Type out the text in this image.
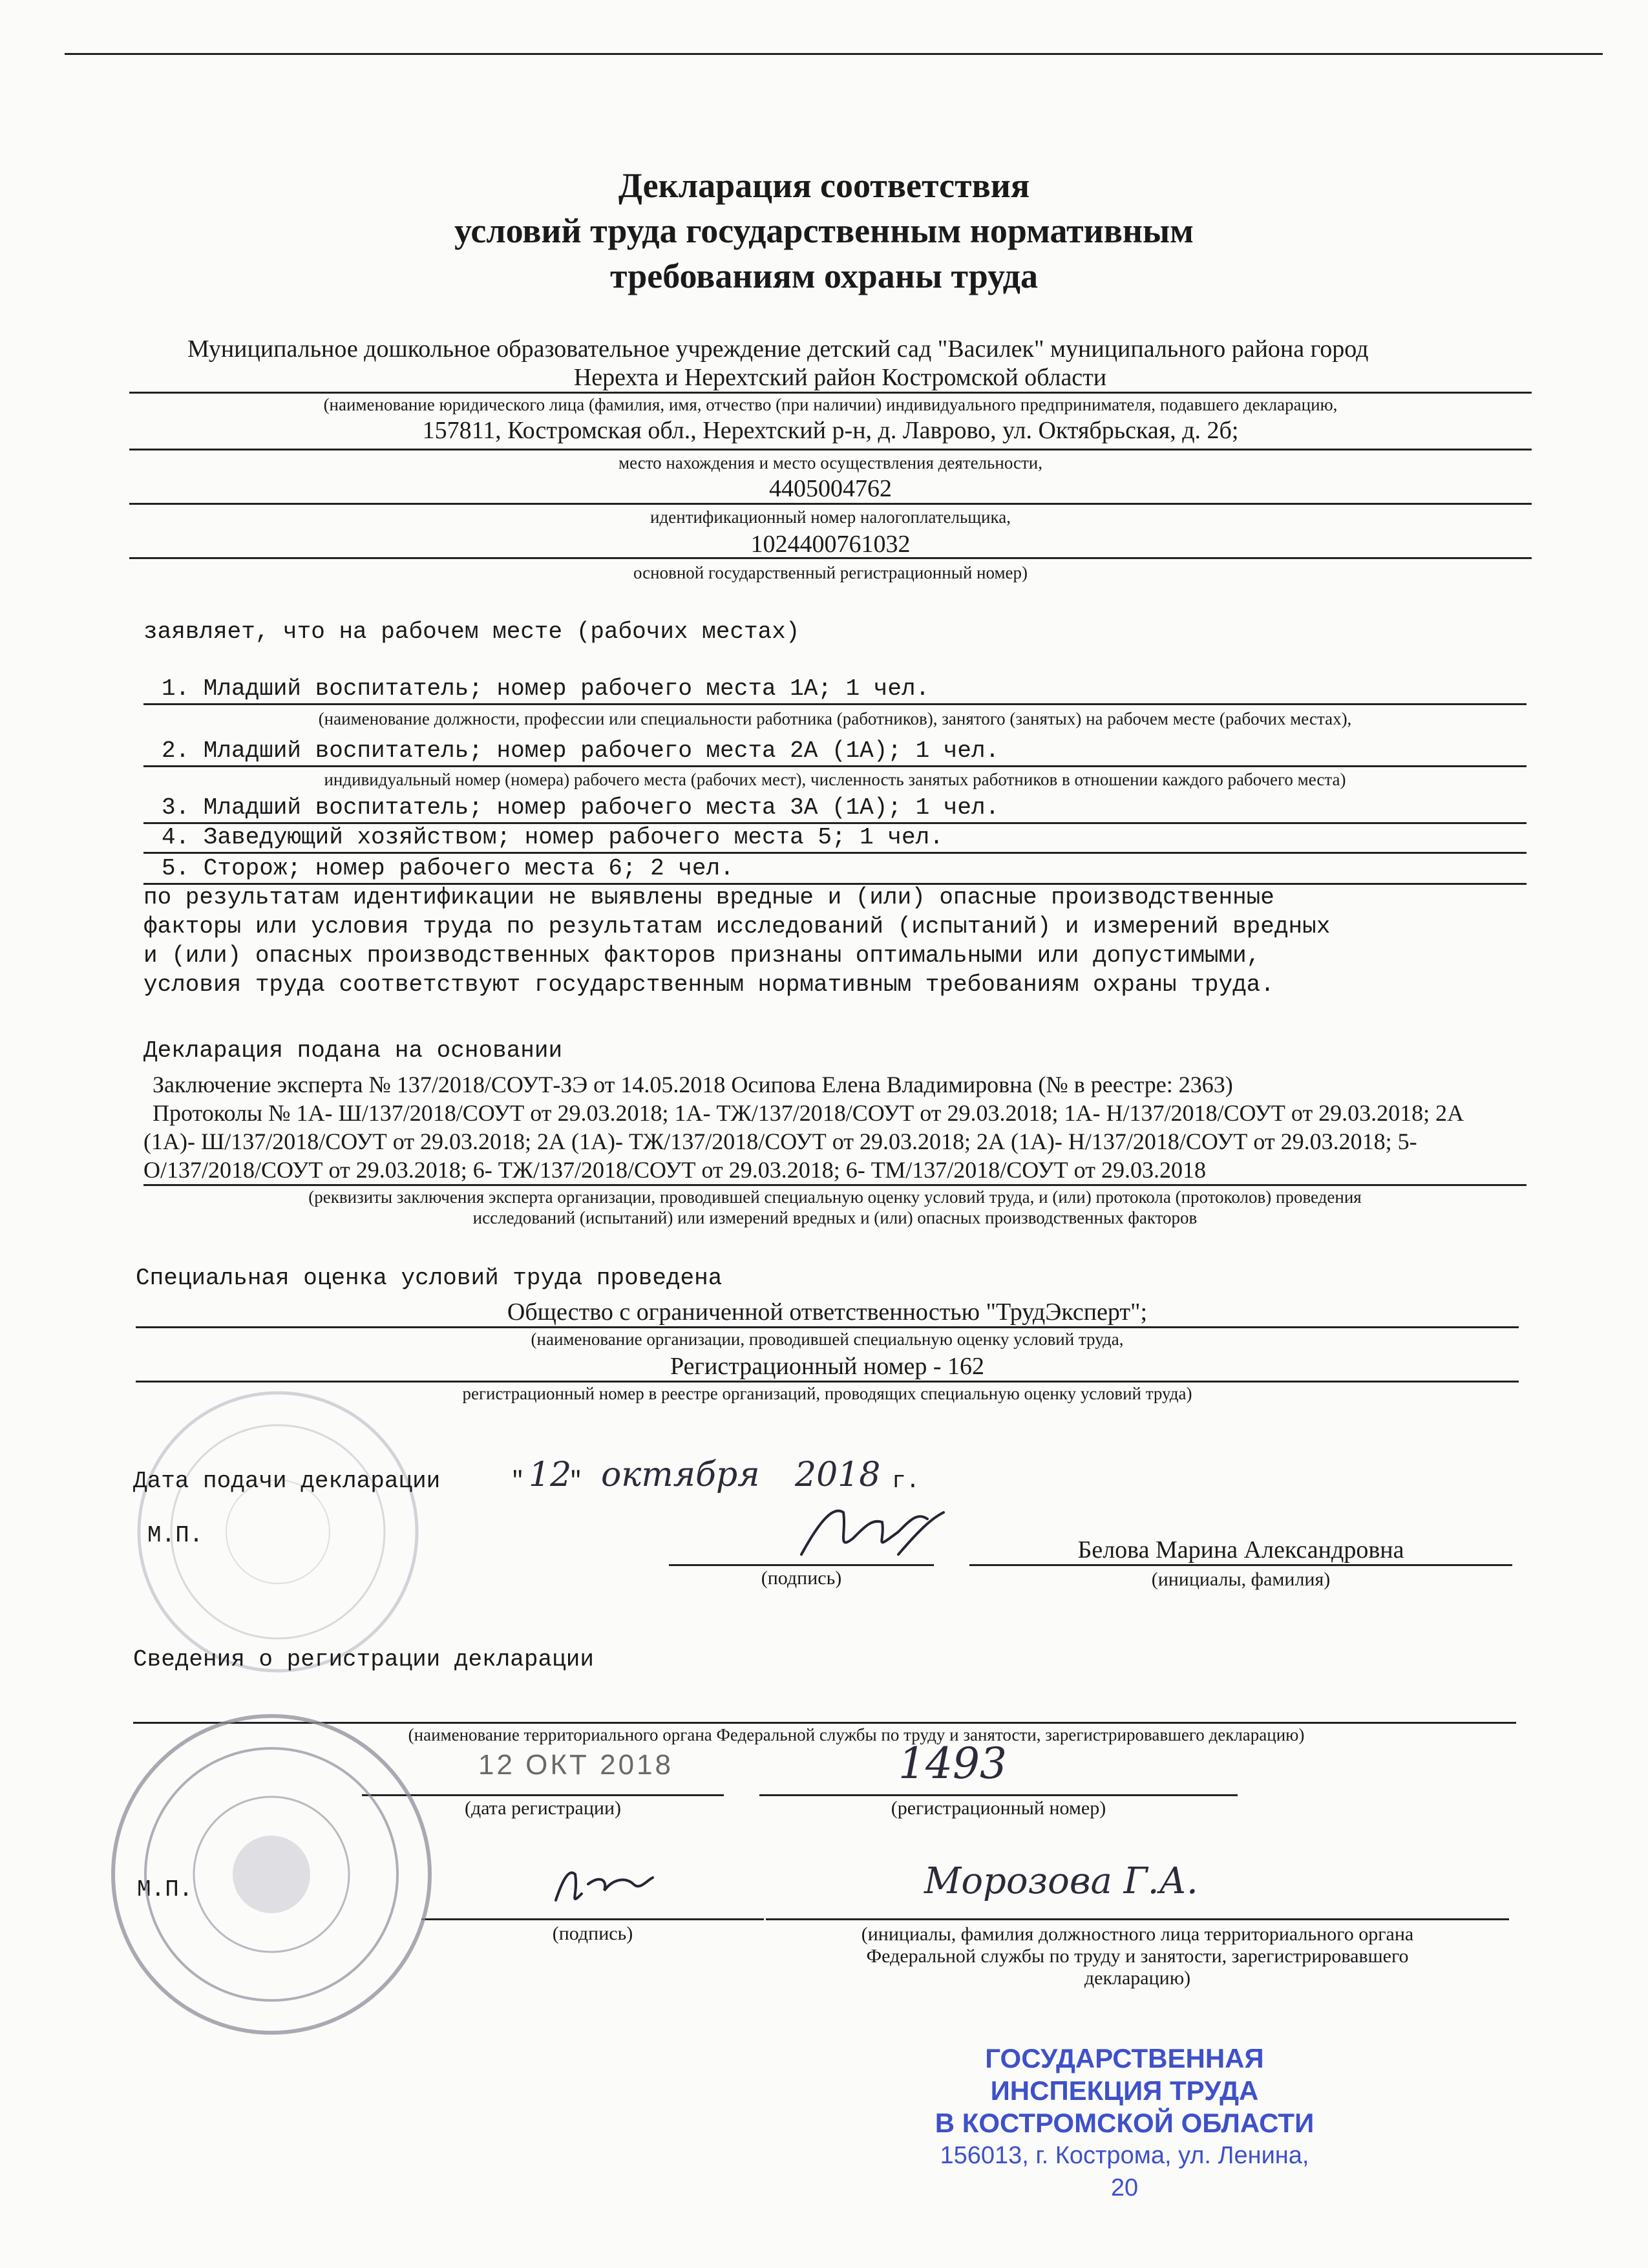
Декларация соответствия
условий труда государственным нормативным
требованиям охраны труда
Муниципальное дошкольное образовательное учреждение детский сад "Василек" муниципального района город
Нерехта и Нерехтский район Костромской области
(наименование юридического лица (фамилия, имя, отчество (при наличии) индивидуального предпринимателя, подавшего декларацию,
157811, Костромская обл., Нерехтский р-н, д. Лаврово, ул. Октябрьская, д. 2б;
место нахождения и место осуществления деятельности,
4405004762
идентификационный номер налогоплательщика,
1024400761032
основной государственный регистрационный номер)
заявляет, что на рабочем месте (рабочих местах)
1. Младший воспитатель; номер рабочего места 1А; 1 чел.
(наименование должности, профессии или специальности работника (работников), занятого (занятых) на рабочем месте (рабочих местах),
2. Младший воспитатель; номер рабочего места 2А (1А); 1 чел.
индивидуальный номер (номера) рабочего места (рабочих мест), численность занятых работников в отношении каждого рабочего места)
3. Младший воспитатель; номер рабочего места 3А (1А); 1 чел.
4. Заведующий хозяйством; номер рабочего места 5; 1 чел.
5. Сторож; номер рабочего места 6; 2 чел.
по результатам идентификации не выявлены вредные и (или) опасные производственные
факторы или условия труда по результатам исследований (испытаний) и измерений вредных
и (или) опасных производственных факторов признаны оптимальными или допустимыми,
условия труда соответствуют государственным нормативным требованиям охраны труда.
Декларация подана на основании
Заключение эксперта № 137/2018/СОУТ-ЗЭ от 14.05.2018 Осипова Елена Владимировна (№ в реестре: 2363)
Протоколы № 1А- Ш/137/2018/СОУТ от 29.03.2018; 1А- ТЖ/137/2018/СОУТ от 29.03.2018; 1А- Н/137/2018/СОУТ от 29.03.2018; 2А
(1А)- Ш/137/2018/СОУТ от 29.03.2018; 2А (1А)- ТЖ/137/2018/СОУТ от 29.03.2018; 2А (1А)- Н/137/2018/СОУТ от 29.03.2018; 5-
О/137/2018/СОУТ от 29.03.2018; 6- ТЖ/137/2018/СОУТ от 29.03.2018; 6- ТМ/137/2018/СОУТ от 29.03.2018
(реквизиты заключения эксперта организации, проводившей специальную оценку условий труда, и (или) протокола (протоколов) проведения
исследований (испытаний) или измерений вредных и (или) опасных производственных факторов
Специальная оценка условий труда проведена
Общество с ограниченной ответственностью "ТрудЭксперт";
(наименование организации, проводившей специальную оценку условий труда,
Регистрационный номер - 162
регистрационный номер в реестре организаций, проводящих специальную оценку условий труда)
Дата подачи декларации	" 12
" октября 2018 г.
М.П.
(подпись)
Белова Марина Александровна
(инициалы, фамилия)
Сведения о регистрации декларации
(наименование территориального органа Федеральной службы по труду и занятости, зарегистрировавшего декларацию)
12 ОКТ 2018
(дата регистрации)
1493
(регистрационный номер)
М.П.
(подпись)
Морозова Г.А.
(инициалы, фамилия должностного лица территориального органа
Федеральной службы по труду и занятости, зарегистрировавшего
декларацию)
ГОСУДАРСТВЕННАЯ
ИНСПЕКЦИЯ ТРУДА
В КОСТРОМСКОЙ ОБЛАСТИ
156013, г. Кострома, ул. Ленина, 20
